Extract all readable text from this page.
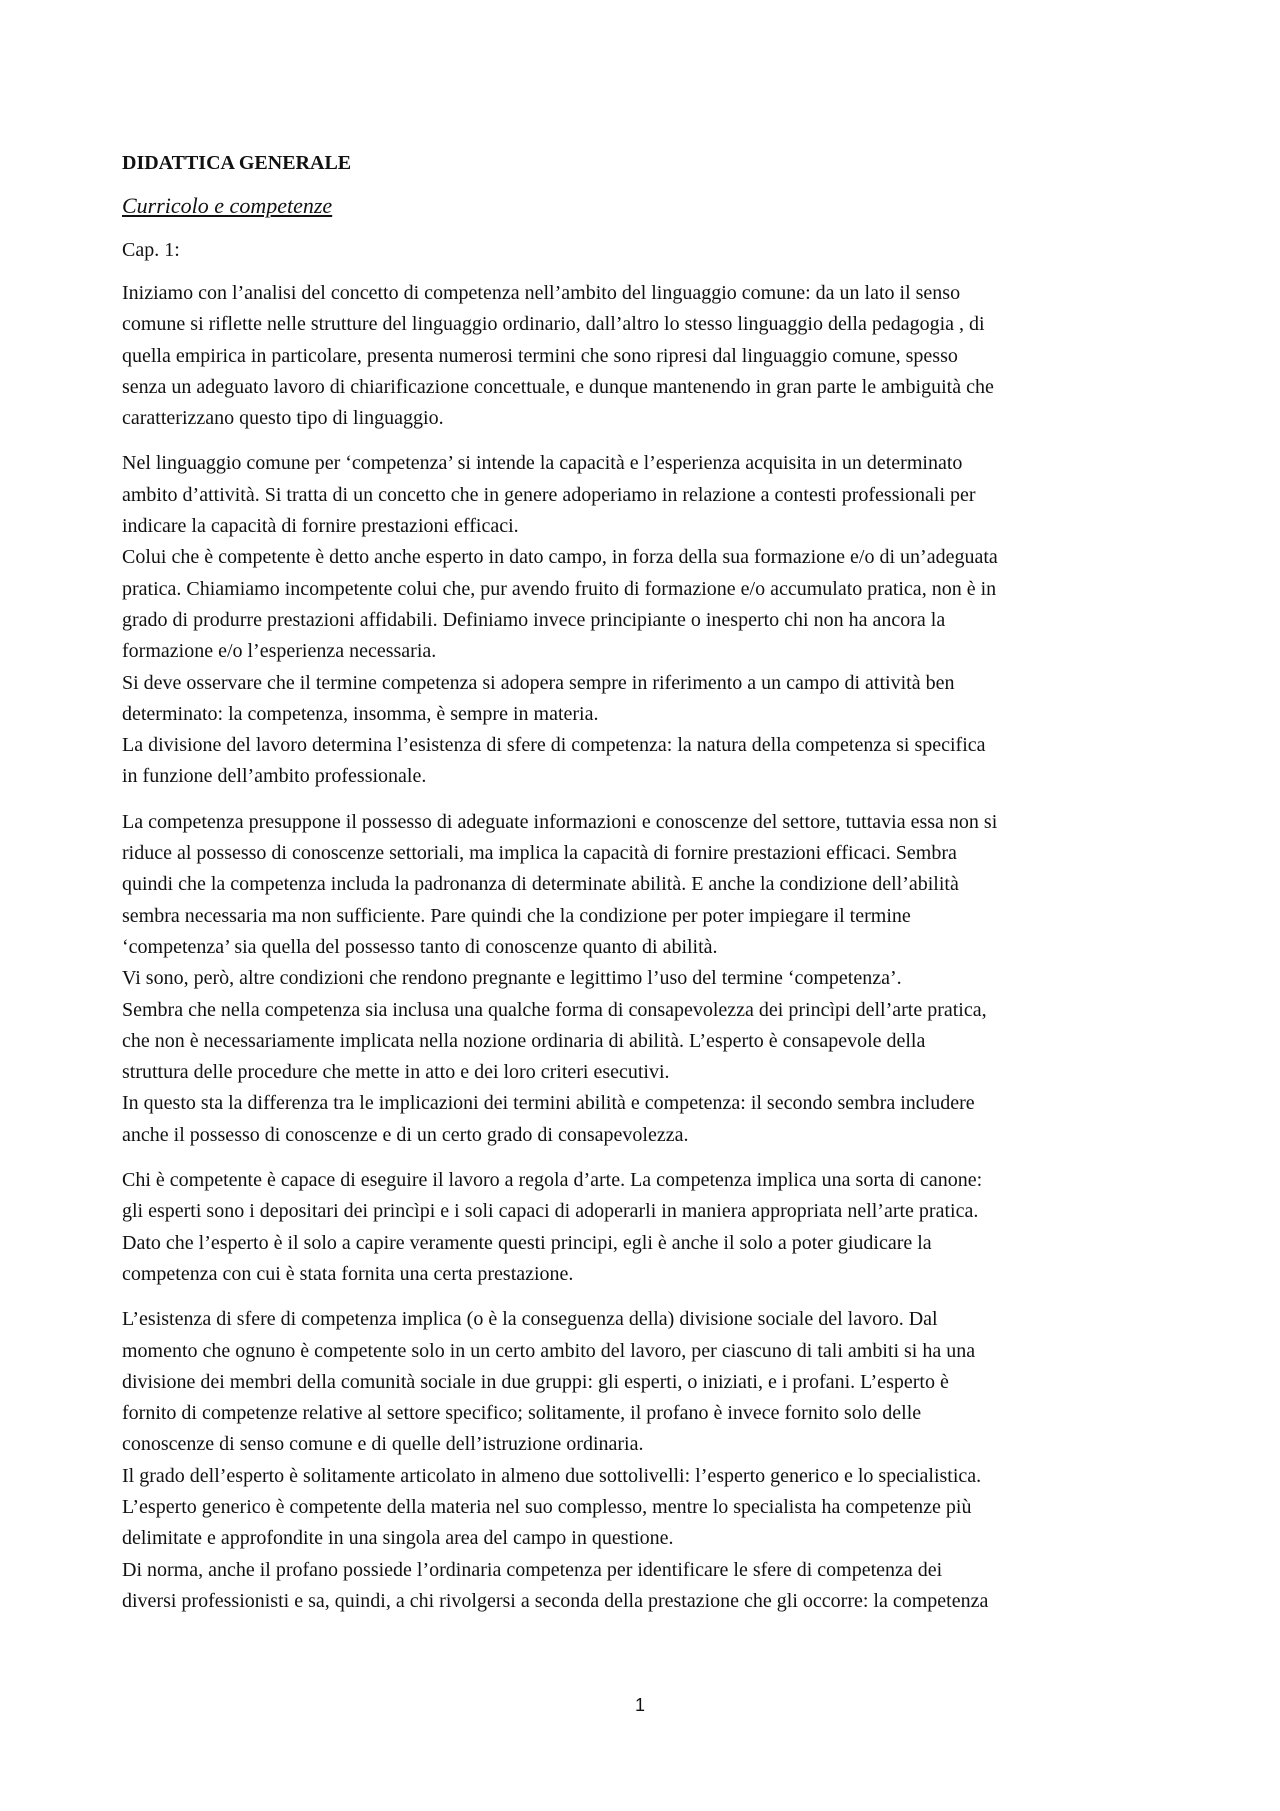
DIDATTICA GENERALE
Curricolo e competenze
Cap. 1:
Iniziamo con l’analisi del concetto di competenza nell’ambito del linguaggio comune: da un lato il senso
comune si riflette nelle strutture del linguaggio ordinario, dall’altro lo stesso linguaggio della pedagogia , di
quella empirica in particolare, presenta numerosi termini che sono ripresi dal linguaggio comune, spesso
senza un adeguato lavoro di chiarificazione concettuale, e dunque mantenendo in gran parte le ambiguità che
caratterizzano questo tipo di linguaggio.
Nel linguaggio comune per ‘competenza’ si intende la capacità e l’esperienza acquisita in un determinato
ambito d’attività. Si tratta di un concetto che in genere adoperiamo in relazione a contesti professionali per
indicare la capacità di fornire prestazioni efficaci.
Colui che è competente è detto anche esperto in dato campo, in forza della sua formazione e/o di un’adeguata
pratica. Chiamiamo incompetente colui che, pur avendo fruito di formazione e/o accumulato pratica, non è in
grado di produrre prestazioni affidabili. Definiamo invece principiante o inesperto chi non ha ancora la
formazione e/o l’esperienza necessaria.
Si deve osservare che il termine competenza si adopera sempre in riferimento a un campo di attività ben
determinato: la competenza, insomma, è sempre in materia.
La divisione del lavoro determina l’esistenza di sfere di competenza: la natura della competenza si specifica
in funzione dell’ambito professionale.
La competenza presuppone il possesso di adeguate informazioni e conoscenze del settore, tuttavia essa non si
riduce al possesso di conoscenze settoriali, ma implica la capacità di fornire prestazioni efficaci. Sembra
quindi che la competenza includa la padronanza di determinate abilità. E anche la condizione dell’abilità
sembra necessaria ma non sufficiente. Pare quindi che la condizione per poter impiegare il termine
‘competenza’ sia quella del possesso tanto di conoscenze quanto di abilità.
Vi sono, però, altre condizioni che rendono pregnante e legittimo l’uso del termine ‘competenza’.
Sembra che nella competenza sia inclusa una qualche forma di consapevolezza dei princìpi dell’arte pratica,
che non è necessariamente implicata nella nozione ordinaria di abilità. L’esperto è consapevole della
struttura delle procedure che mette in atto e dei loro criteri esecutivi.
In questo sta la differenza tra le implicazioni dei termini abilità e competenza: il secondo sembra includere
anche il possesso di conoscenze e di un certo grado di consapevolezza.
Chi è competente è capace di eseguire il lavoro a regola d’arte. La competenza implica una sorta di canone:
gli esperti sono i depositari dei princìpi e i soli capaci di adoperarli in maniera appropriata nell’arte pratica.
Dato che l’esperto è il solo a capire veramente questi principi, egli è anche il solo a poter giudicare la
competenza con cui è stata fornita una certa prestazione.
L’esistenza di sfere di competenza implica (o è la conseguenza della) divisione sociale del lavoro. Dal
momento che ognuno è competente solo in un certo ambito del lavoro, per ciascuno di tali ambiti si ha una
divisione dei membri della comunità sociale in due gruppi: gli esperti, o iniziati, e i profani. L’esperto è
fornito di competenze relative al settore specifico; solitamente, il profano è invece fornito solo delle
conoscenze di senso comune e di quelle dell’istruzione ordinaria.
Il grado dell’esperto è solitamente articolato in almeno due sottolivelli: l’esperto generico e lo specialistica.
L’esperto generico è competente della materia nel suo complesso, mentre lo specialista ha competenze più
delimitate e approfondite in una singola area del campo in questione.
Di norma, anche il profano possiede l’ordinaria competenza per identificare le sfere di competenza dei
diversi professionisti e sa, quindi, a chi rivolgersi a seconda della prestazione che gli occorre: la competenza
1
